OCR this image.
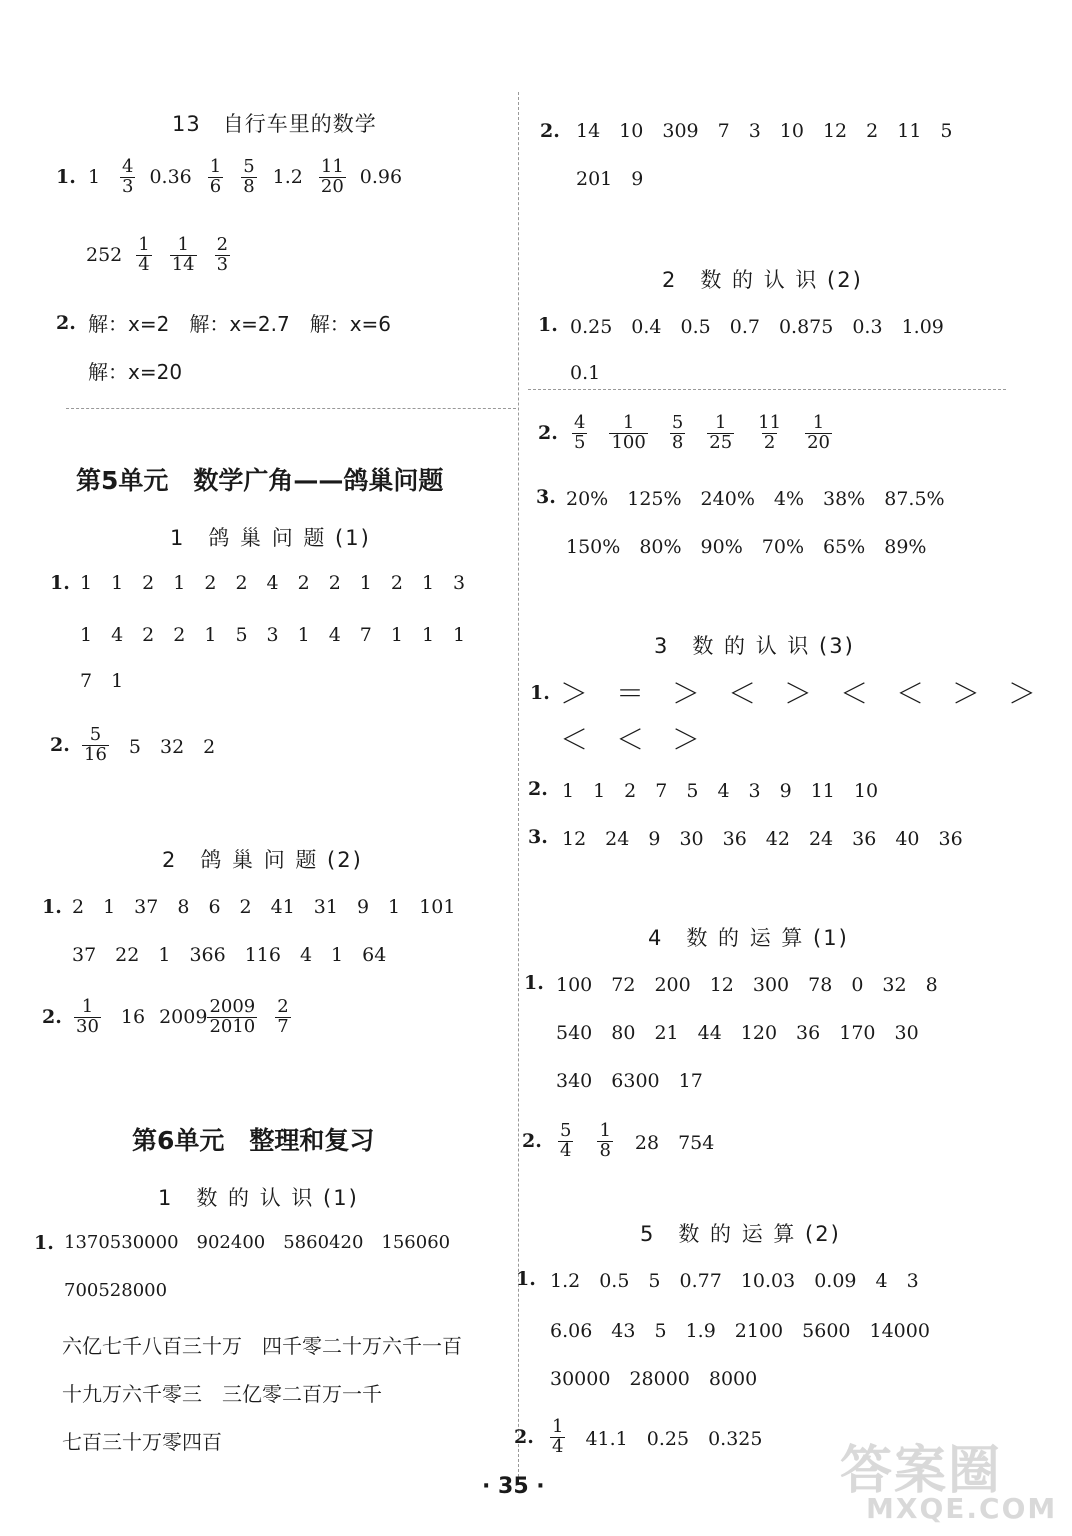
13　自行车里的数学
1. 1	$\frac{4}{3} 0.36 \frac{1}{6} \frac{5}{8} 1.2 \frac{11}{20} 0.96$
$252 \frac{1}{4} \frac{1}{14} \frac{2}{3}$
2. 解：x=2　解：x=2.7　解：x=6
解：x=20
第5单元　数学广角——鸽巢问题
1　鸽 巢 问 题 (1)
1. 1　1　2　1　2　2　4　2　2　1　2　1　3
1　4　2　2　1　5　3　1　4　7　1　1　1
7　1
2. $\frac{5}{16} 5$　32　2
2　鸽 巢 问 题 (2)
1. 2　1　37　8　6　2　41　31　9　1　101
37　22　1　366　116　4　1　64
2. $\frac{1}{30} 16$ $2009 \frac{2009}{2010} \frac{2}{7}$
第6单元　整理和复习
1　数 的 认 识 (1)
1. 1370530000　902400　5860420　156060
700528000
六亿七千八百三十万　四千零二十万六千一百
十九万六千零三　三亿零二百万一千
七百三十万零四百
2. 14　10　309　7　3　10　12　2　11　5
201　9
2　数 的 认 识 (2)
1. 0.25　0.4　0.5　0.7　0.875　0.3　1.09
0.1
2. $\frac{4}{5} \frac{1}{100} \frac{5}{8} \frac{1}{25} \frac{11}{2} \frac{1}{20}$
3. 20%　125%　240%　4%　38%　87.5%
150%　80%　90%　70%　65%　89%
3　数 的 认 识 (3)
1. ＞　＝　＞　＜　＞　＜　＜　＞　＞
＜　＜　＞
2. 1　1　2　7　5　4　3　9　11　10
3. 12　24　9　30　36　42　24　36　40　36
4　数 的 运 算 (1)
1. 100　72　200　12　300　78　0　32　8
540　80　21　44　120　36　170　30
340　6300　17
2. $\frac{5}{4} \frac{1}{8} 28$　754
5　数 的 运 算 (2)
1. 1.2　0.5　5　0.77　10.03　0.09　4　3
6.06　43　5　1.9　2100　5600　14000
30000　28000　8000
2. $\frac{1}{4} 41.1$　0.25　0.325
· 35 ·	答案圈
MXQE.COM
